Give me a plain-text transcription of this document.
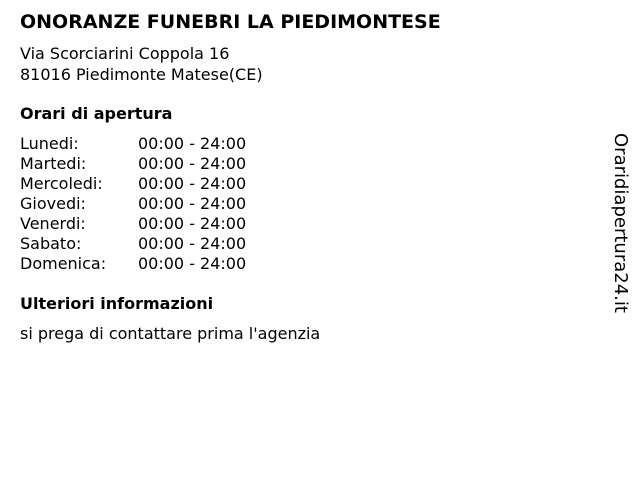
ONORANZE FUNEBRI LA PIEDIMONTESE
Via Scorciarini Coppola 16
81016 Piedimonte Matese(CE)
Orari di apertura
Lunedi:	00:00 - 24:00
Martedi:	00:00 - 24:00
Mercoledi: 00:00 - 24:00
Giovedi:	00:00 - 24:00
Venerdi:	00:00 - 24:00
Sabato:	00:00 - 24:00
Domenica: 00:00 - 24:00
Ulteriori informazioni
si prega di contattare prima l'agenzia
Oraridiapertura24.it
